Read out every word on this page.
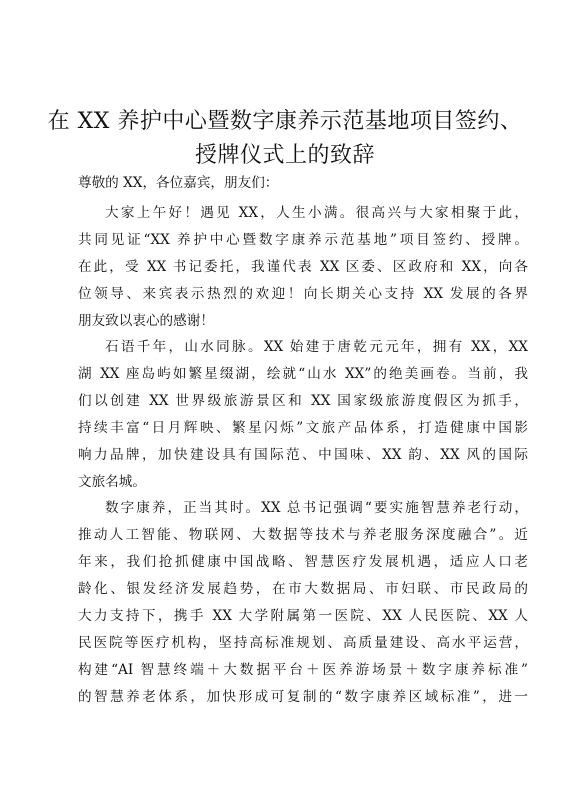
在 XX 养护中心暨数字康养示范基地项目签约、
授牌仪式上的致辞
尊敬的 XX，各位嘉宾，朋友们：
大家上午好！遇见 XX，人生小满。很高兴与大家相聚于此，
共同见证“XX 养护中心暨数字康养示范基地”项目签约、授牌。
在此，受 XX 书记委托，我谨代表 XX 区委、区政府和 XX，向各
位领导、来宾表示热烈的欢迎！向长期关心支持 XX 发展的各界
朋友致以衷心的感谢！
石语千年，山水同脉。XX 始建于唐乾元元年，拥有 XX，XX
湖 XX 座岛屿如繁星缀湖，绘就“山水 XX”的绝美画卷。当前，我
们以创建 XX 世界级旅游景区和 XX 国家级旅游度假区为抓手，
持续丰富“日月辉映、繁星闪烁”文旅产品体系，打造健康中国影
响力品牌，加快建设具有国际范、中国味、XX 韵、XX 风的国际
文旅名城。
数字康养，正当其时。XX 总书记强调“要实施智慧养老行动，
推动人工智能、物联网、大数据等技术与养老服务深度融合”。近
年来，我们抢抓健康中国战略、智慧医疗发展机遇，适应人口老
龄化、银发经济发展趋势，在市大数据局、市妇联、市民政局的
大力支持下，携手 XX 大学附属第一医院、XX 人民医院、XX 人
民医院等医疗机构，坚持高标准规划、高质量建设、高水平运营，
构建“AI 智慧终端＋大数据平台＋医养游场景＋数字康养标准”
的智慧养老体系，加快形成可复制的“数字康养区域标准”，进一
